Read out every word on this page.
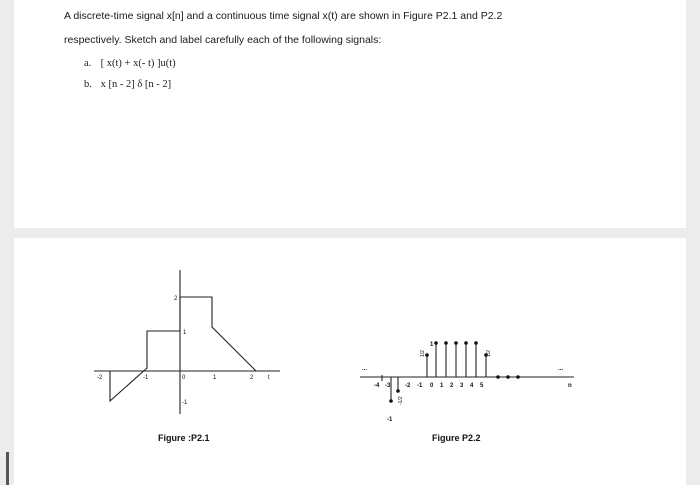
A discrete-time signal x[n] and a continuous time signal x(t) are shown in Figure P2.1 and P2.2
respectively. Sketch and label carefully each of the following signals:
a. [ x(t) + x(- t) ]u(t)
b. x [n - 2] δ [n - 2]
-2	-1	0	1	2 t
2
1
-1
Figure :P2.1
...	...
-4 -3 -2 -1 0 1 2 3 4 5	n
1
-1
1/2	1/2
-1/2
Figure P2.2
